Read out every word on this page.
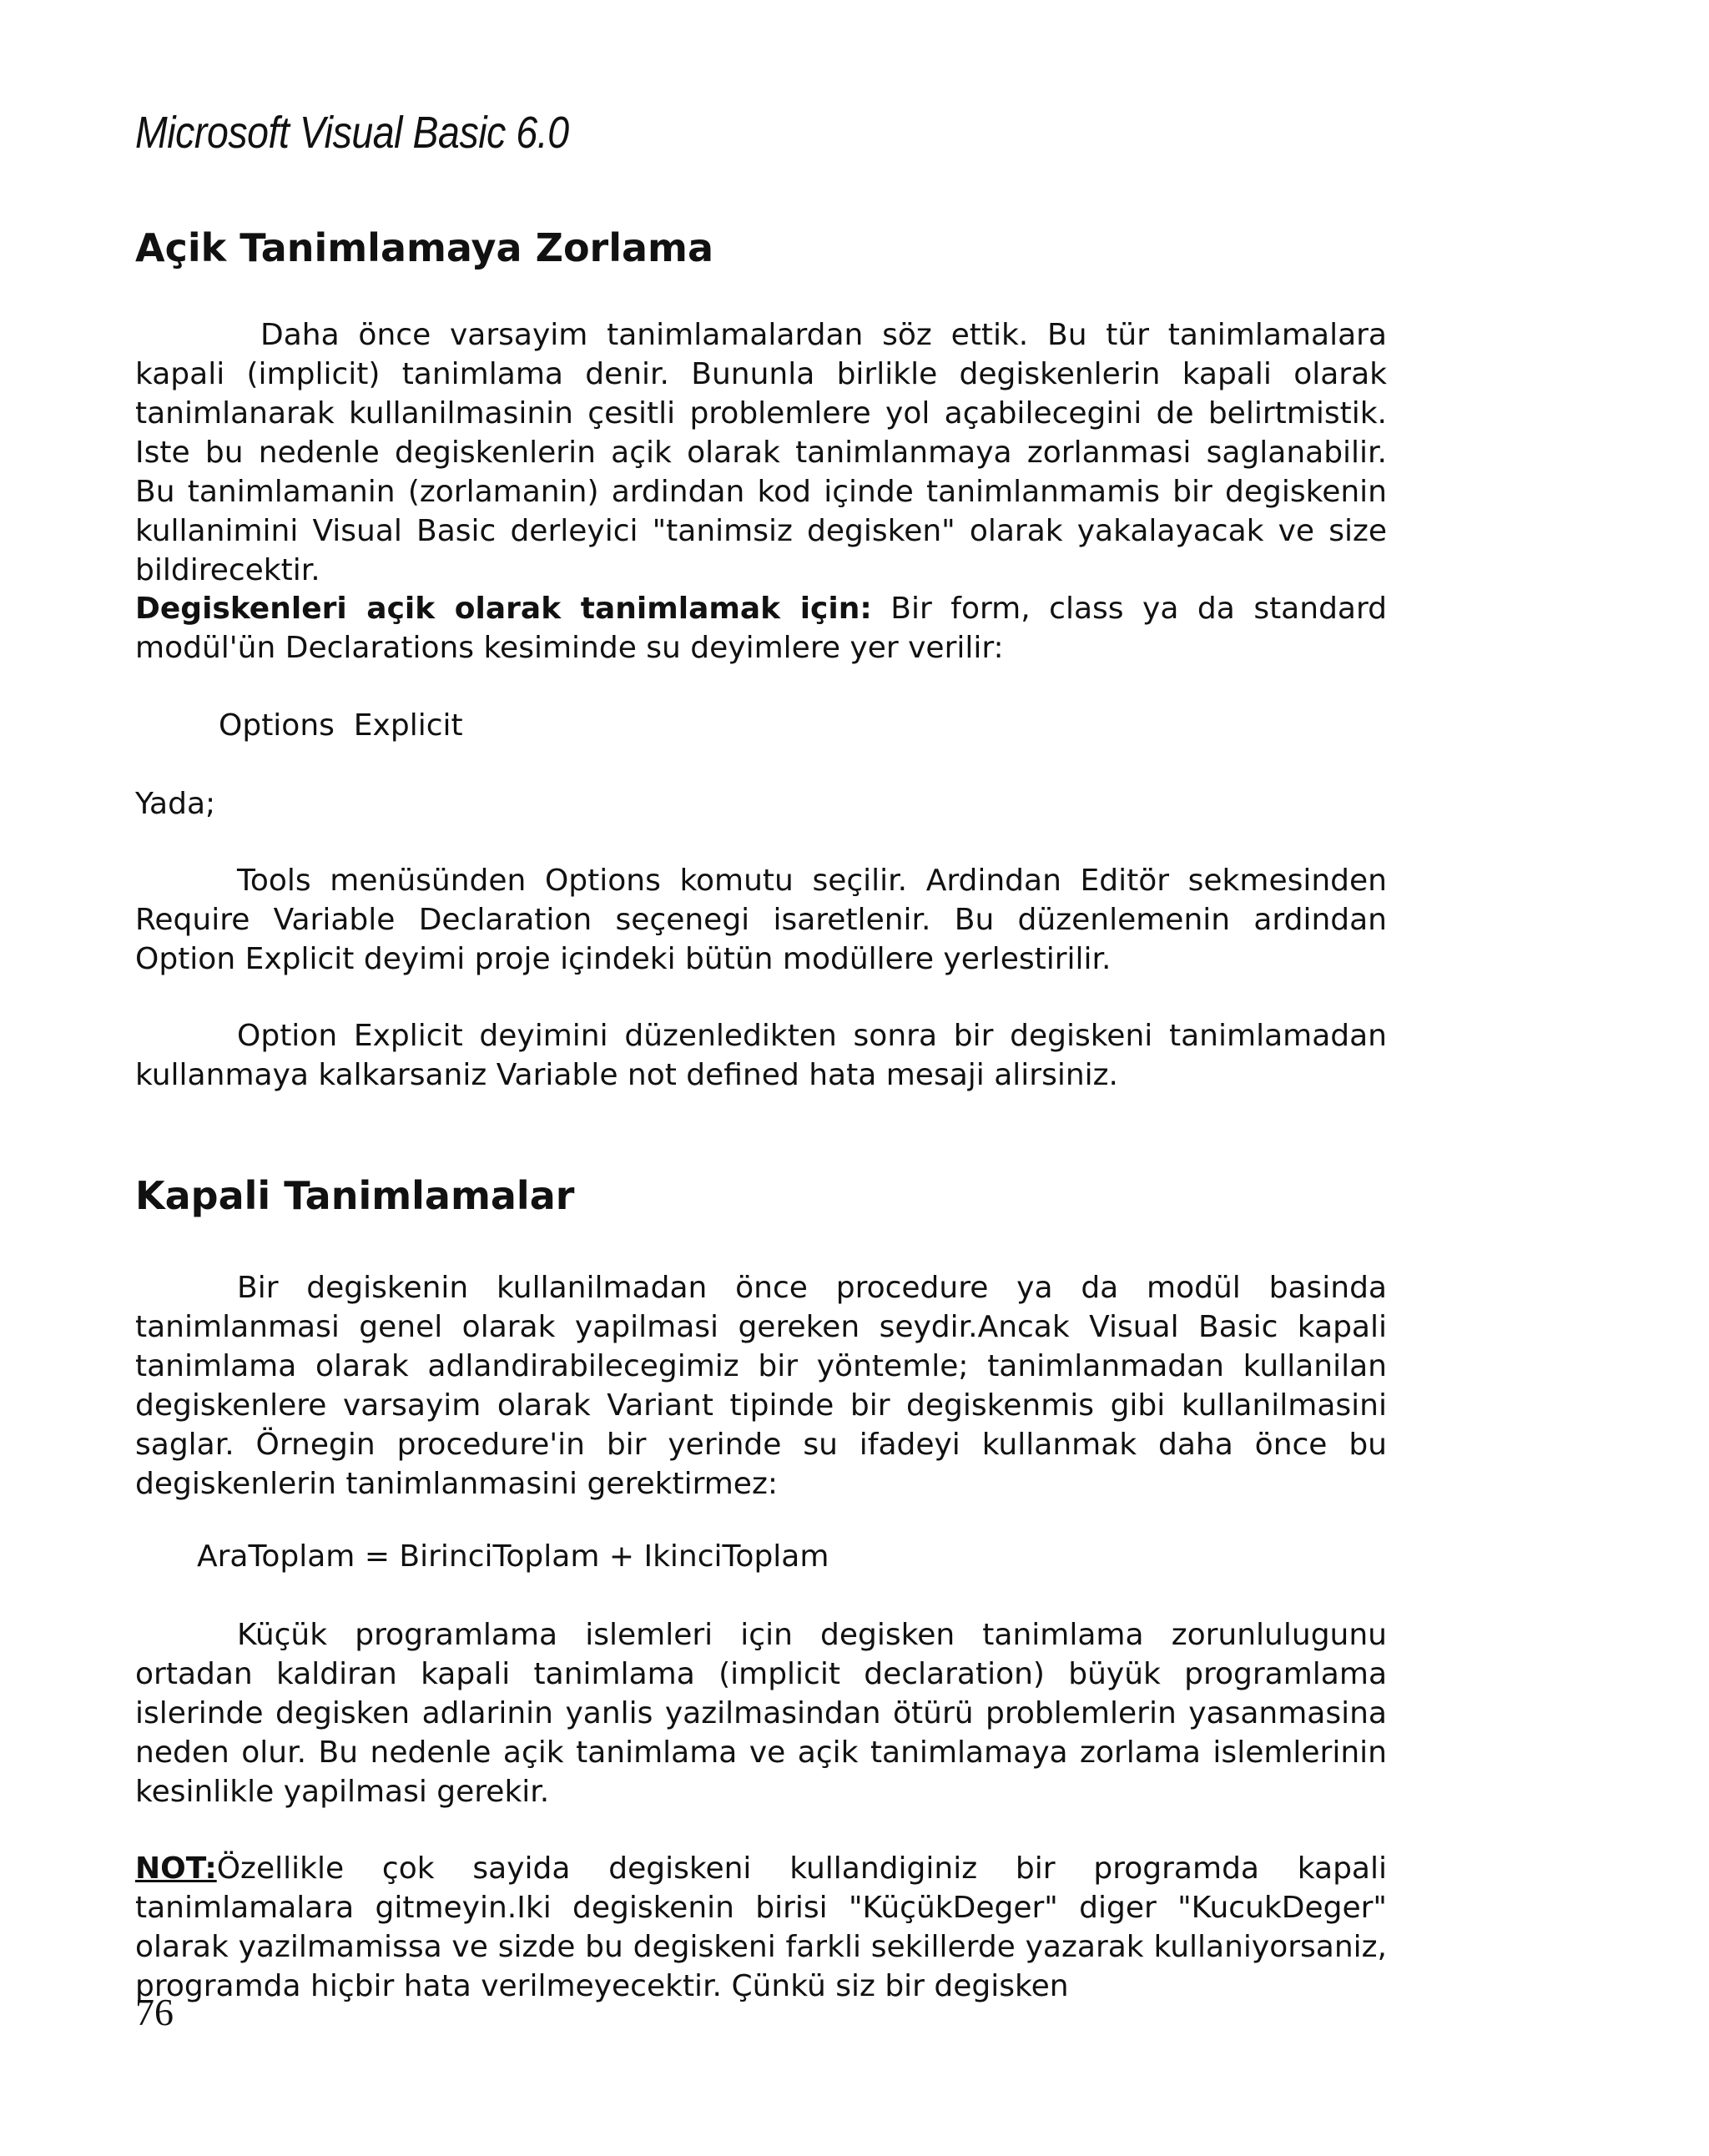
Microsoft Visual Basic 6.0
Açik Tanimlamaya Zorlama

Daha önce varsayim tanimlamalardan söz ettik. Bu tür tanimlamalara kapali (implicit) tanimlama denir. Bununla birlikle degiskenlerin kapali olarak tanimlanarak kullanilmasinin çesitli problemlere yol açabilecegini de belirtmistik. Iste bu nedenle degiskenlerin açik olarak tanimlanmaya zorlanmasi saglanabilir. Bu tanimlamanin (zorlamanin) ardindan kod içinde tanimlanmamis bir degiskenin kullanimini Visual Basic derleyici "tanimsiz degisken" olarak yakalayacak ve size bildirecektir.

Degiskenleri açik olarak tanimlamak için: Bir form, class ya da standard modül'ün Declarations kesiminde su deyimlere yer verilir:

Options  Explicit

Yada;

Tools menüsünden Options komutu seçilir. Ardindan Editör sekmesinden Require Variable Declaration seçenegi isaretlenir. Bu düzenlemenin ardindan Option Explicit deyimi proje içindeki bütün modüllere yerlestirilir.

Option Explicit deyimini düzenledikten sonra bir degiskeni tanimlamadan kullanmaya kalkarsaniz Variable not defined hata mesaji alirsiniz.

Kapali Tanimlamalar

Bir degiskenin kullanilmadan önce procedure ya da modül basinda tanimlanmasi genel olarak yapilmasi gereken seydir.Ancak Visual Basic kapali tanimlama olarak adlandirabilecegimiz bir yöntemle; tanimlanmadan kullanilan degiskenlere varsayim olarak Variant tipinde bir degiskenmis gibi kullanilmasini saglar. Örnegin procedure'in bir yerinde su ifadeyi kullanmak daha önce bu degiskenlerin tanimlanmasini gerektirmez:

AraToplam = BirinciToplam + IkinciToplam

Küçük programlama islemleri için degisken tanimlama zorunlulugunu ortadan kaldiran kapali tanimlama (implicit declaration) büyük programlama islerinde degisken adlarinin yanlis yazilmasindan ötürü problemlerin yasanmasina neden olur. Bu nedenle açik tanimlama ve açik tanimlamaya zorlama islemlerinin kesinlikle yapilmasi gerekir.

NOT:Özellikle çok sayida degiskeni kullandiginiz bir programda kapali tanimlamalara gitmeyin.Iki degiskenin birisi "KüçükDeger" diger "KucukDeger" olarak yazilmamissa ve sizde bu degiskeni farkli sekillerde yazarak kullaniyorsaniz, programda hiçbir hata verilmeyecektir. Çünkü siz bir degisken

76
